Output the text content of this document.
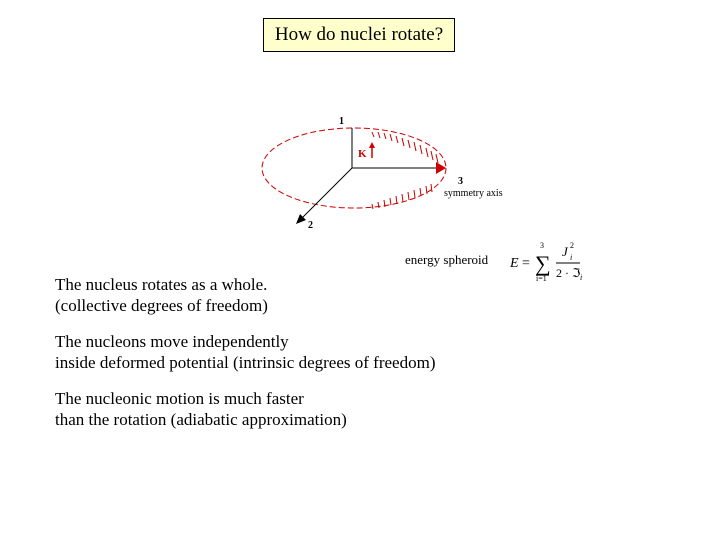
How do nuclei rotate?
1
2
3
symmetry axis
K
E =
3
∑
i=1
J 2
i
2 · ℑ i
energy spheroid
The nucleus rotates as a whole.
(collective degrees of freedom)
The nucleons move independently
inside deformed potential (intrinsic degrees of freedom)
The nucleonic motion is much faster
than the rotation (adiabatic approximation)
